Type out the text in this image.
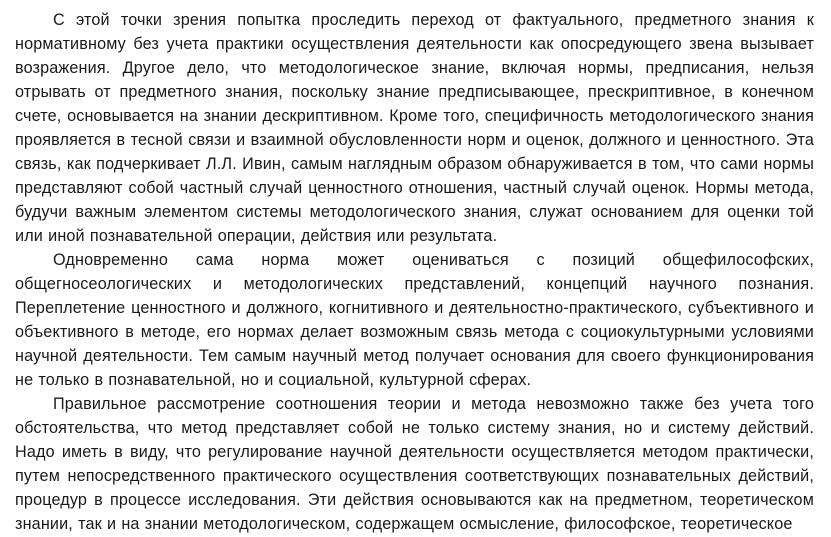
С этой точки зрения попытка проследить переход от фактуального, предметного знания к нормативному без учета практики осуществления деятельности как опосредующего звена вызывает возражения. Другое дело, что методологическое знание, включая нормы, предписания, нельзя отрывать от предметного знания, поскольку знание предписывающее, прескриптивное, в конечном счете, основывается на знании дескриптивном. Кроме того, специфичность методологического знания проявляется в тесной связи и взаимной обусловленности норм и оценок, должного и ценностного. Эта связь, как подчеркивает Л.Л. Ивин, самым наглядным образом обнаруживается в том, что сами нормы представляют собой частный случай ценностного отношения, частный случай оценок. Нормы метода, будучи важным элементом системы методологического знания, служат основанием для оценки той или иной познавательной операции, действия или результата.

Одновременно сама норма может оцениваться с позиций общефилософских, общегносеологических и методологических представлений, концепций научного познания. Переплетение ценностного и должного, когнитивного и деятельностно-практического, субъективного и объективного в методе, его нормах делает возможным связь метода с социокультурными условиями научной деятельности. Тем самым научный метод получает основания для своего функционирования не только в познавательной, но и социальной, культурной сферах.

Правильное рассмотрение соотношения теории и метода невозможно также без учета того обстоятельства, что метод представляет собой не только систему знания, но и систему действий. Надо иметь в виду, что регулирование научной деятельности осуществляется методом практически, путем непосредственного практического осуществления соответствующих познавательных действий, процедур в процессе исследования. Эти действия основываются как на предметном, теоретическом знании, так и на знании методологическом, содержащем осмысление, философское, теоретическое
